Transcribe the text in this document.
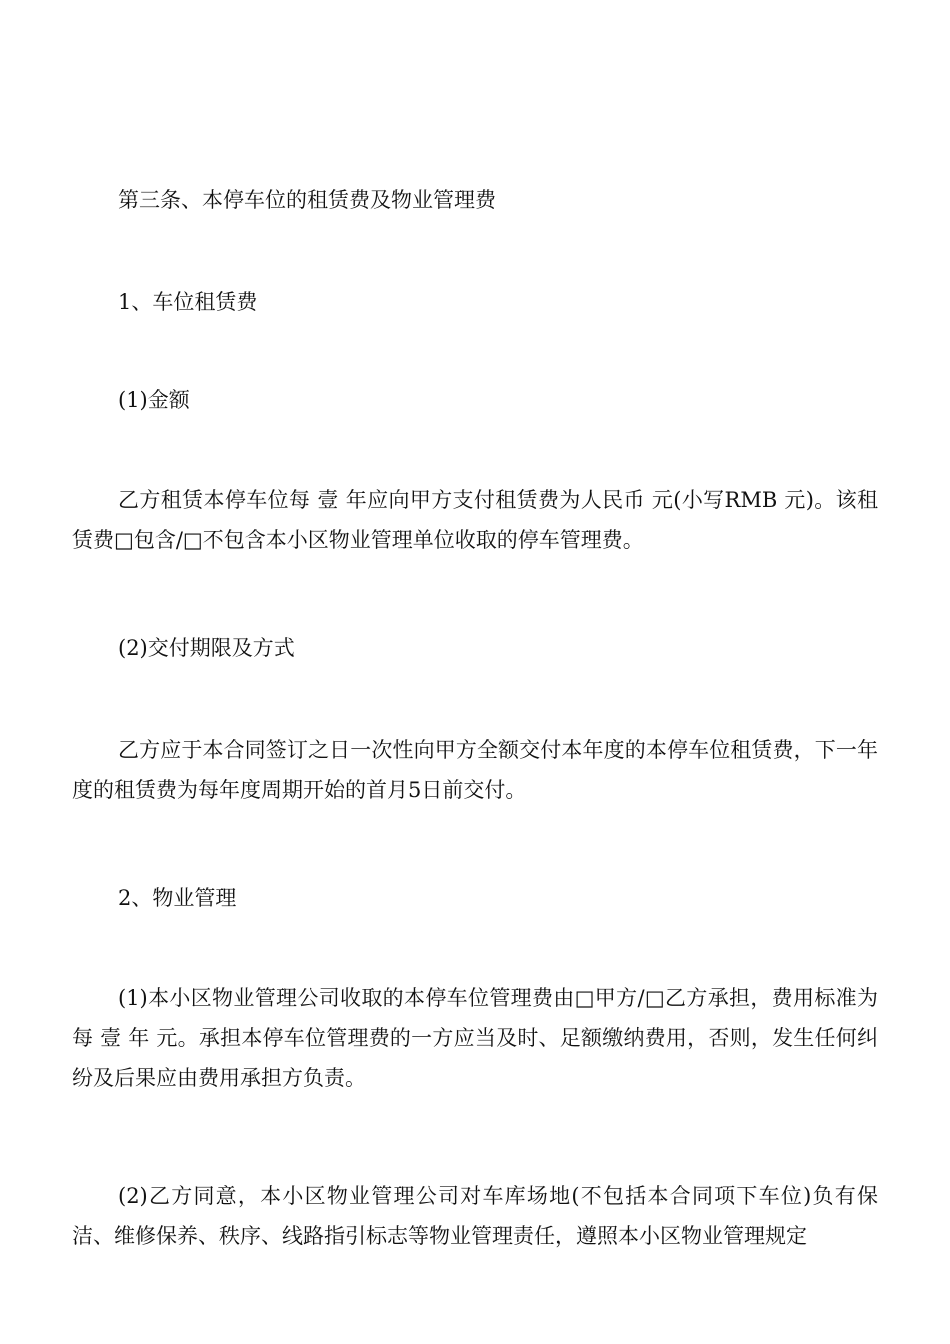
第三条、本停车位的租赁费及物业管理费

1、车位租赁费

(1)金额

乙方租赁本停车位每 壹 年应向甲方支付租赁费为人民币 元(小写RMB 元)。该租赁费□包含/□不包含本小区物业管理单位收取的停车管理费。

(2)交付期限及方式

乙方应于本合同签订之日一次性向甲方全额交付本年度的本停车位租赁费，下一年度的租赁费为每年度周期开始的首月5日前交付。

2、物业管理

(1)本小区物业管理公司收取的本停车位管理费由□甲方/□乙方承担，费用标准为每 壹 年 元。承担本停车位管理费的一方应当及时、足额缴纳费用，否则，发生任何纠纷及后果应由费用承担方负责。

(2)乙方同意，本小区物业管理公司对车库场地(不包括本合同项下车位)负有保洁、维修保养、秩序、线路指引标志等物业管理责任，遵照本小区物业管理规定
